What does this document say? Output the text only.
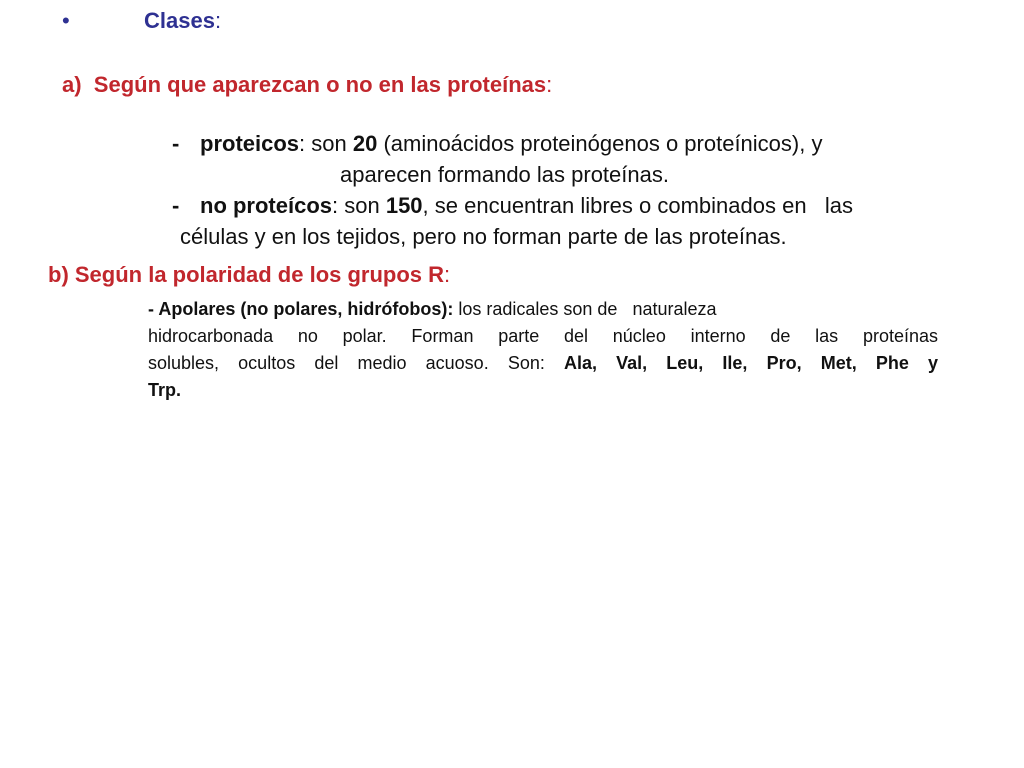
•	Clases:
a) Según que aparezcan o no en las proteínas:
- proteicos: son 20 (aminoácidos proteinógenos o proteínicos), y
aparecen formando las proteínas.
- no proteícos: son 150, se encuentran libres o combinados en   las
células y en los tejidos, pero no forman parte de las proteínas.
b) Según la polaridad de los grupos R:
- Apolares (no polares, hidrófobos): los radicales son de   naturaleza
hidrocarbonada no polar. Forman parte del núcleo interno de las proteínas
solubles, ocultos del medio acuoso. Son: Ala, Val, Leu, Ile, Pro, Met, Phe y
Trp.
